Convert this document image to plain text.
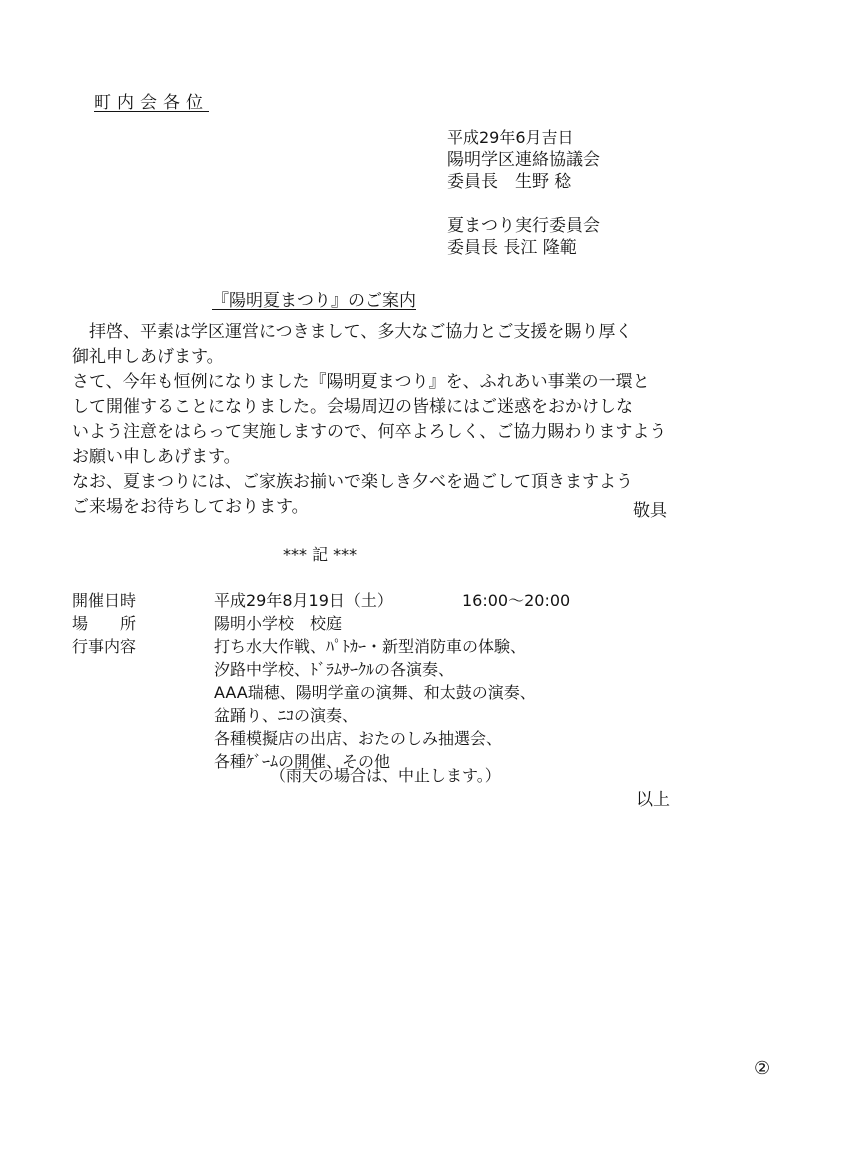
町内会各位
平成29年6月吉日
陽明学区連絡協議会
委員長　生野 稔
夏まつり実行委員会
委員長 長江 隆範
『陽明夏まつり』のご案内
　拝啓、平素は学区運営につきまして、多大なご協力とご支援を賜り厚く
御礼申しあげます。
さて、今年も恒例になりました『陽明夏まつり』を、ふれあい事業の一環と
して開催することになりました。会場周辺の皆様にはご迷惑をおかけしな
いよう注意をはらって実施しますので、何卒よろしく、ご協力賜わりますよう
お願い申しあげます。
なお、夏まつりには、ご家族お揃いで楽しき夕べを過ごして頂きますよう
ご来場をお待ちしております。	敬具
*** 記 ***
開催日時	平成29年8月19日（土）	16:00～20:00
場　　所	陽明小学校　校庭
行事内容	打ち水大作戦、ﾊﾟﾄｶｰ・新型消防車の体験、
汐路中学校、ﾄﾞﾗﾑｻｰｸﾙの各演奏、
AAA瑞穂、陽明学童の演舞、和太鼓の演奏、
盆踊り、ﾆｺの演奏、
各種模擬店の出店、おたのしみ抽選会、
各種ｹﾞｰﾑの開催、その他
（雨天の場合は、中止します。）
以上
②
